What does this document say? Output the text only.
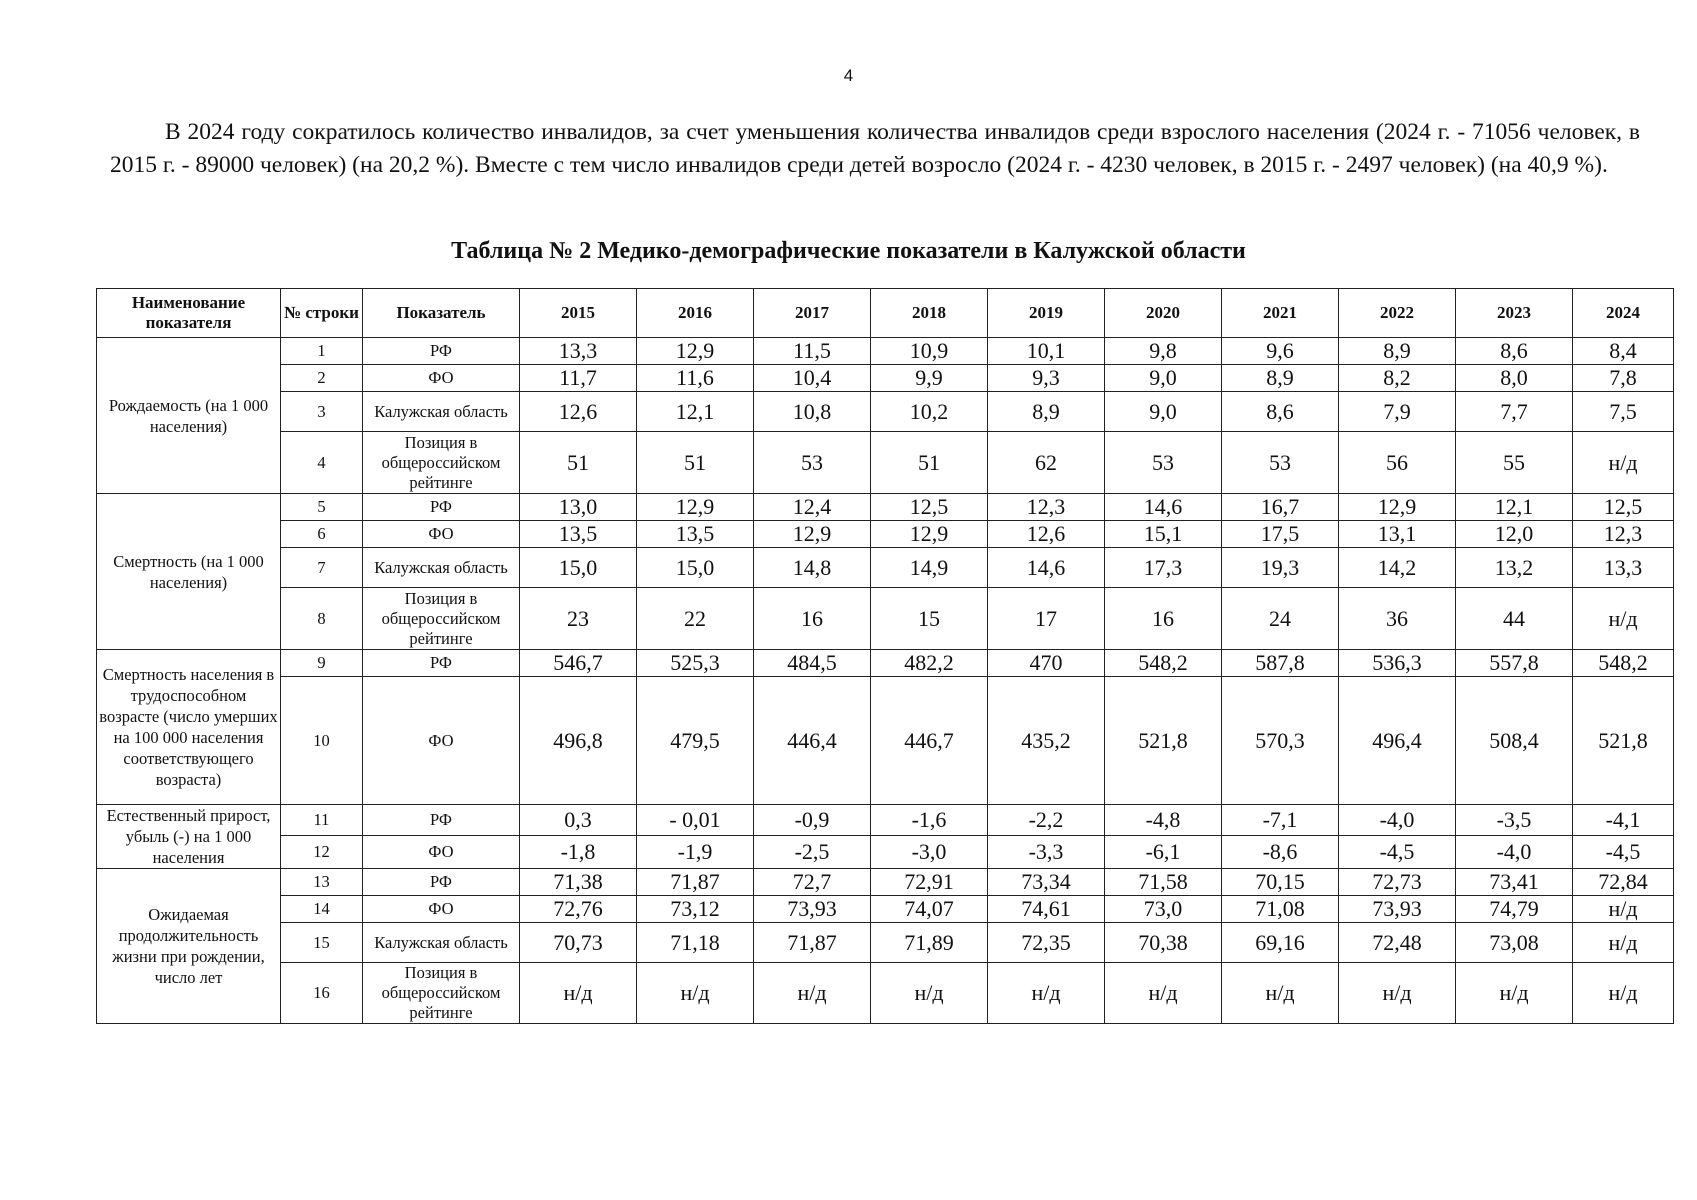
4

В 2024 году сократилось количество инвалидов, за счет уменьшения количества инвалидов среди взрослого населения (2024 г. - 71056 человек, в 2015 г. - 89000 человек) (на 20,2 %). Вместе с тем число инвалидов среди детей возросло (2024 г. - 4230 человек, в 2015 г. - 2497 человек) (на 40,9 %).

Таблица № 2 Медико-демографические показатели в Калужской области

Наименование показателя	№ строки	Показатель	2015	2016	2017	2018	2019	2020	2021	2022	2023	2024
Рождаемость (на 1 000 населения)	1	РФ	13,3	12,9	11,5	10,9	10,1	9,8	9,6	8,9	8,6	8,4
	2	ФО	11,7	11,6	10,4	9,9	9,3	9,0	8,9	8,2	8,0	7,8
	3	Калужская область	12,6	12,1	10,8	10,2	8,9	9,0	8,6	7,9	7,7	7,5
	4	Позиция в общероссийском рейтинге	51	51	53	51	62	53	53	56	55	н/д
Смертность (на 1 000 населения)	5	РФ	13,0	12,9	12,4	12,5	12,3	14,6	16,7	12,9	12,1	12,5
	6	ФО	13,5	13,5	12,9	12,9	12,6	15,1	17,5	13,1	12,0	12,3
	7	Калужская область	15,0	15,0	14,8	14,9	14,6	17,3	19,3	14,2	13,2	13,3
	8	Позиция в общероссийском рейтинге	23	22	16	15	17	16	24	36	44	н/д
Смертность населения в трудоспособном возрасте (число умерших на 100 000 населения соответствующего возраста)	9	РФ	546,7	525,3	484,5	482,2	470	548,2	587,8	536,3	557,8	548,2
	10	ФО	496,8	479,5	446,4	446,7	435,2	521,8	570,3	496,4	508,4	521,8
Естественный прирост, убыль (-) на 1 000 населения	11	РФ	0,3	- 0,01	-0,9	-1,6	-2,2	-4,8	-7,1	-4,0	-3,5	-4,1
	12	ФО	-1,8	-1,9	-2,5	-3,0	-3,3	-6,1	-8,6	-4,5	-4,0	-4,5
Ожидаемая продолжительность жизни при рождении, число лет	13	РФ	71,38	71,87	72,7	72,91	73,34	71,58	70,15	72,73	73,41	72,84
	14	ФО	72,76	73,12	73,93	74,07	74,61	73,0	71,08	73,93	74,79	н/д
	15	Калужская область	70,73	71,18	71,87	71,89	72,35	70,38	69,16	72,48	73,08	н/д
	16	Позиция в общероссийском рейтинге	н/д	н/д	н/д	н/д	н/д	н/д	н/д	н/д	н/д	н/д
